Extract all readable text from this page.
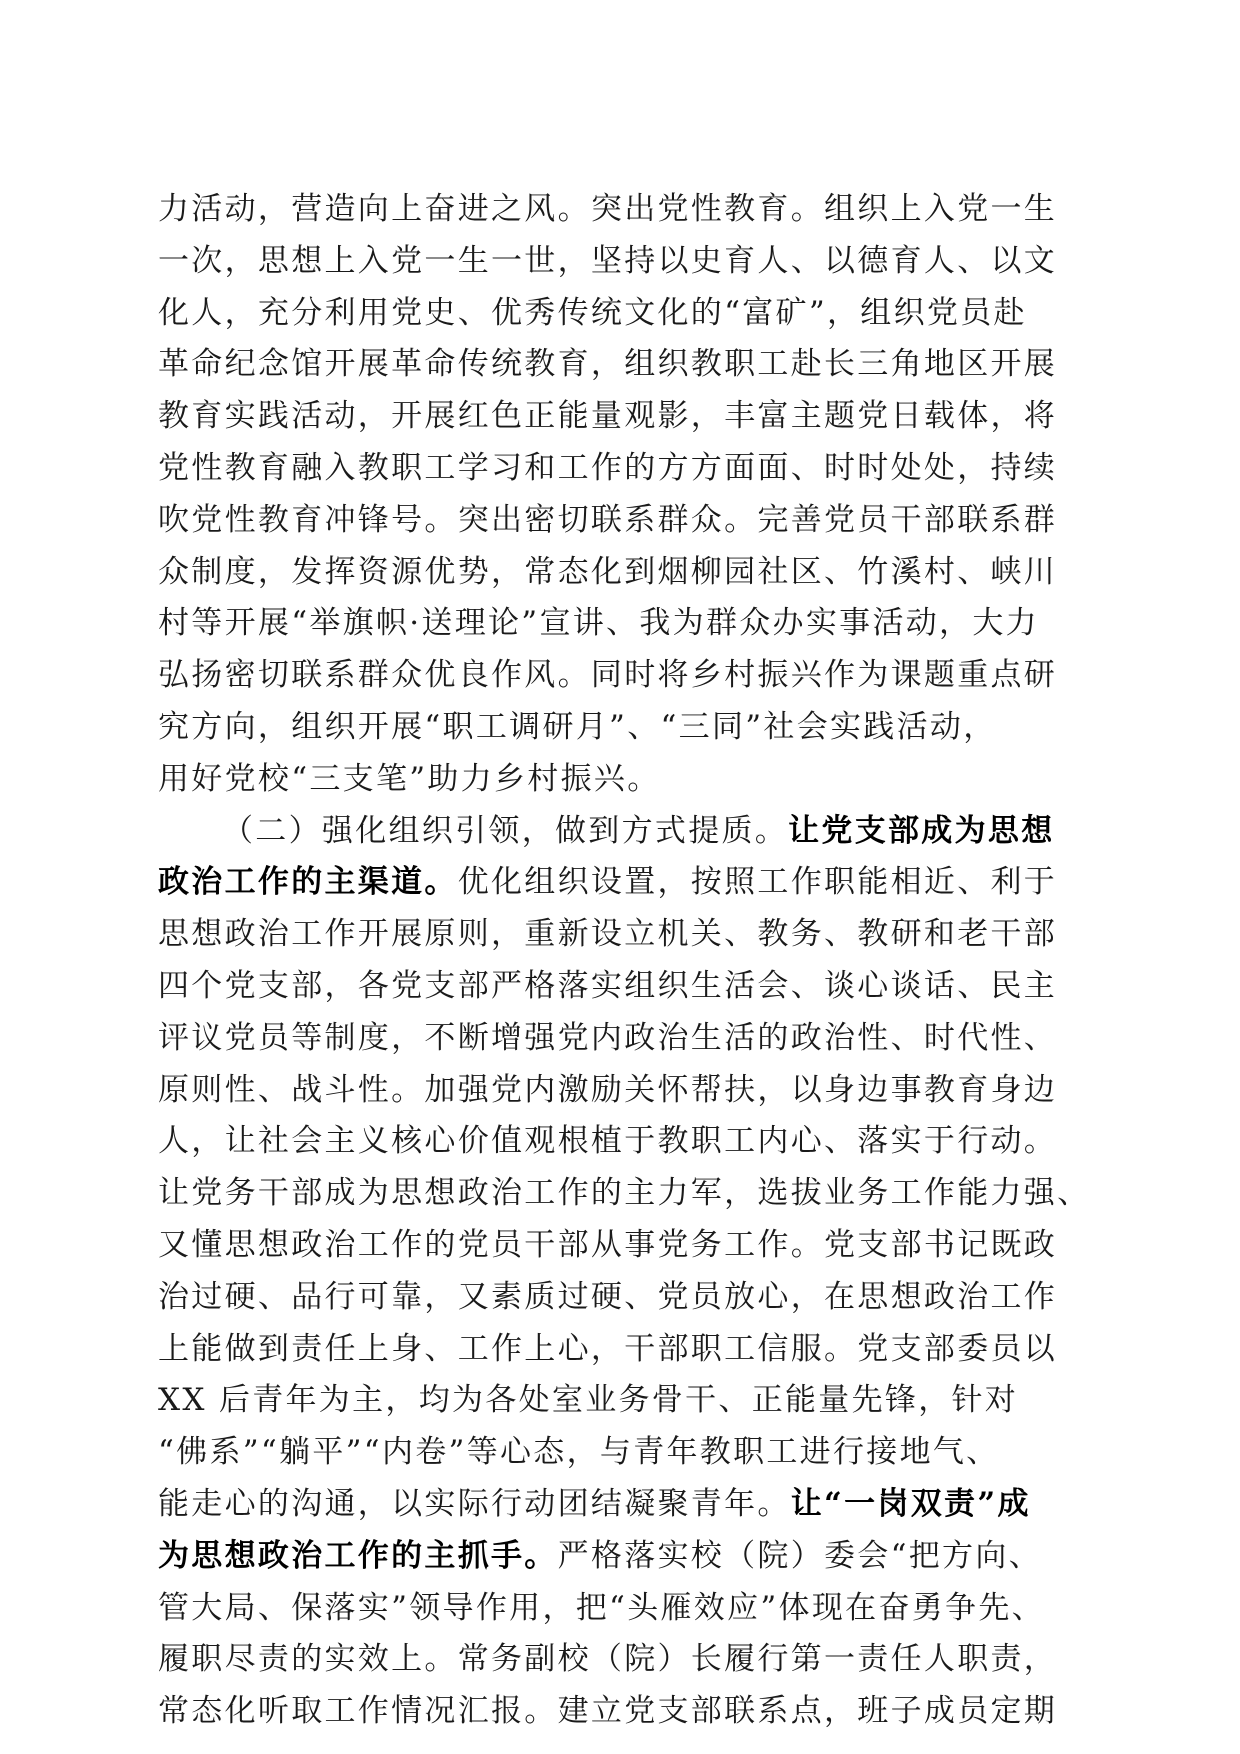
力活动，营造向上奋进之风。突出党性教育。组织上入党一生
一次，思想上入党一生一世，坚持以史育人、以德育人、以文
化人，充分利用党史、优秀传统文化的“富矿”，组织党员赴
革命纪念馆开展革命传统教育，组织教职工赴长三角地区开展
教育实践活动，开展红色正能量观影，丰富主题党日载体，将
党性教育融入教职工学习和工作的方方面面、时时处处，持续
吹党性教育冲锋号。突出密切联系群众。完善党员干部联系群
众制度，发挥资源优势，常态化到烟柳园社区、竹溪村、峡川
村等开展“举旗帜·送理论”宣讲、我为群众办实事活动，大力
弘扬密切联系群众优良作风。同时将乡村振兴作为课题重点研
究方向，组织开展“职工调研月”、“三同”社会实践活动，
用好党校“三支笔”助力乡村振兴。
（二）强化组织引领，做到方式提质。让党支部成为思想
政治工作的主渠道。优化组织设置，按照工作职能相近、利于
思想政治工作开展原则，重新设立机关、教务、教研和老干部
四个党支部，各党支部严格落实组织生活会、谈心谈话、民主
评议党员等制度，不断增强党内政治生活的政治性、时代性、
原则性、战斗性。加强党内激励关怀帮扶，以身边事教育身边
人，让社会主义核心价值观根植于教职工内心、落实于行动。
让党务干部成为思想政治工作的主力军，选拔业务工作能力强、
又懂思想政治工作的党员干部从事党务工作。党支部书记既政
治过硬、品行可靠，又素质过硬、党员放心，在思想政治工作
上能做到责任上身、工作上心，干部职工信服。党支部委员以
XX 后青年为主，均为各处室业务骨干、正能量先锋，针对
“佛系”“躺平”“内卷”等心态，与青年教职工进行接地气、
能走心的沟通，以实际行动团结凝聚青年。让“一岗双责”成
为思想政治工作的主抓手。严格落实校（院）委会“把方向、
管大局、保落实”领导作用，把“头雁效应”体现在奋勇争先、
履职尽责的实效上。常务副校（院）长履行第一责任人职责，
常态化听取工作情况汇报。建立党支部联系点，班子成员定期
